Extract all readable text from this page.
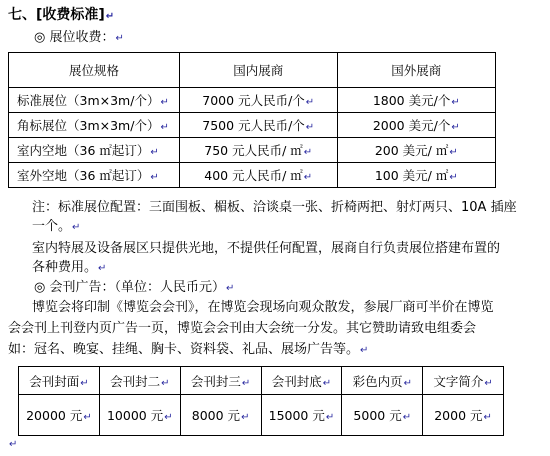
七、[收费标准]↵
◎ 展位收费：↵
展位规格	国内展商	国外展商
标准展位（3m×3m/个）↵	7000 元人民币/个↵	1800 美元/个↵
角标展位（3m×3m/个）↵	7500 元人民币/个↵	2000 美元/个↵
室内空地（36 ㎡起订）↵	750 元人民币/ ㎡↵	200 美元/ ㎡↵
室外空地（36 ㎡起订）↵	400 元人民币/ ㎡↵	100 美元/ ㎡↵
注：标准展位配置：三面围板、楣板、洽谈桌一张、折椅两把、射灯两只、10A 插座
一个。↵
室内特展及设备展区只提供光地，不提供任何配置，展商自行负责展位搭建布置的
各种费用。↵
◎ 会刊广告：（单位：人民币元）↵
博览会将印制《博览会会刊》，在博览会现场向观众散发，参展厂商可半价在博览
会会刊上刊登内页广告一页，博览会会刊由大会统一分发。其它赞助请致电组委会
如：冠名、晚宴、挂绳、胸卡、资料袋、礼品、展场广告等。↵
会刊封面↵	会刊封二↵	会刊封三↵	会刊封底↵	彩色内页↵	文字简介↵
20000 元↵	10000 元↵	8000 元↵	15000 元↵	5000 元↵	2000 元↵
↵
